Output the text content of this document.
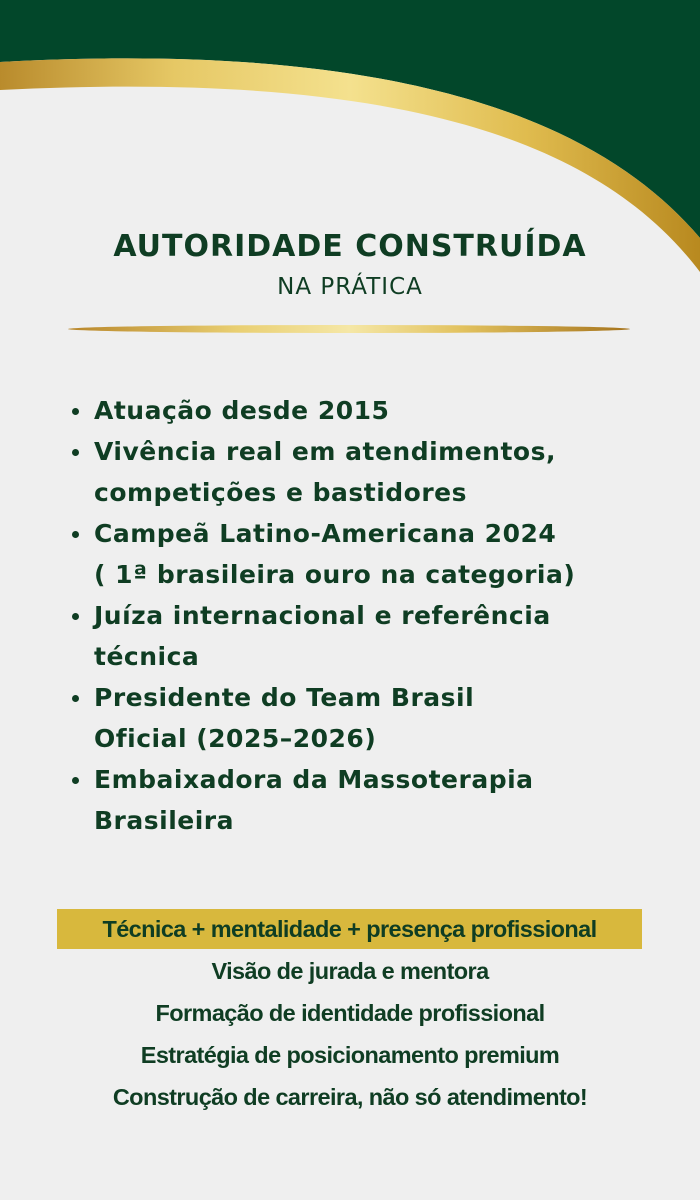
AUTORIDADE CONSTRUÍDA
NA PRÁTICA
Atuação desde 2015
Vivência real em atendimentos,
competições e bastidores
Campeã Latino-Americana 2024
( 1ª brasileira ouro na categoria)
Juíza internacional e referência
técnica
Presidente do Team Brasil
Oficial (2025–2026)
Embaixadora da Massoterapia
Brasileira
Técnica + mentalidade + presença profissional
Visão de jurada e mentora
Formação de identidade profissional
Estratégia de posicionamento premium
Construção de carreira, não só atendimento!
